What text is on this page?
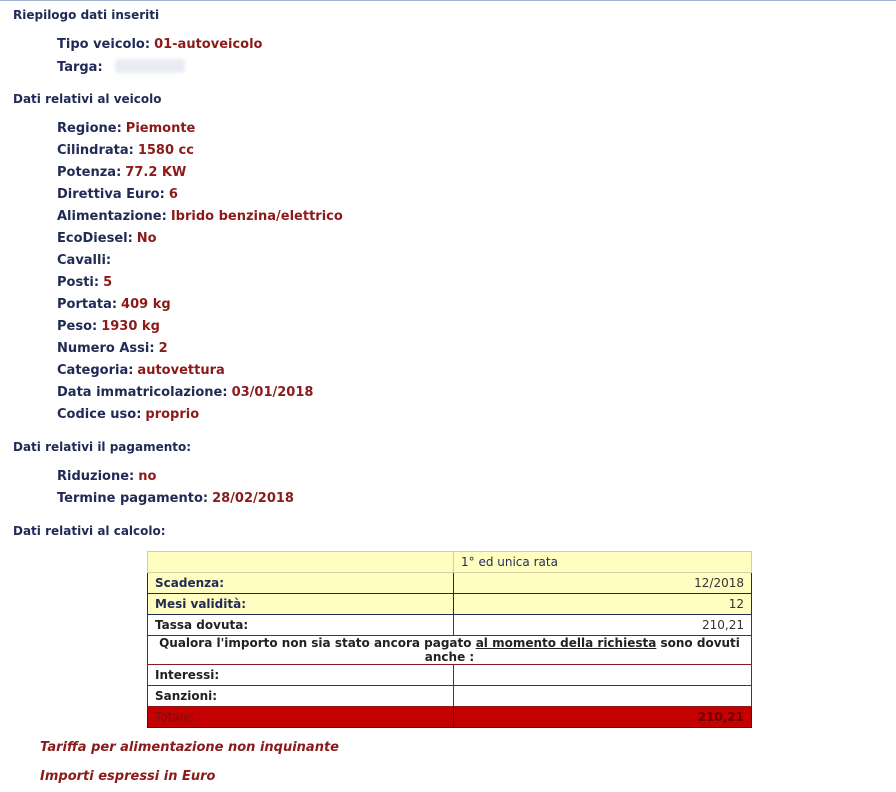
Riepilogo dati inseriti
Tipo veicolo: 01-autoveicolo
Targa:
Dati relativi al veicolo
Regione: Piemonte
Cilindrata: 1580 cc
Potenza: 77.2 KW
Direttiva Euro: 6
Alimentazione: Ibrido benzina/elettrico
EcoDiesel: No
Cavalli:
Posti: 5
Portata: 409 kg
Peso: 1930 kg
Numero Assi: 2
Categoria: autovettura
Data immatricolazione: 03/01/2018
Codice uso: proprio
Dati relativi il pagamento:
Riduzione: no
Termine pagamento: 28/02/2018
Dati relativi al calcolo:
	1° ed unica rata
Scadenza:	12/2018
Mesi validità:	12
Tassa dovuta:	210,21
Qualora l'importo non sia stato ancora pagato al momento della richiesta sono dovuti anche :	
Interessi:	
Sanzioni:	
Totale:	210,21
Tariffa per alimentazione non inquinante
Importi espressi in Euro
